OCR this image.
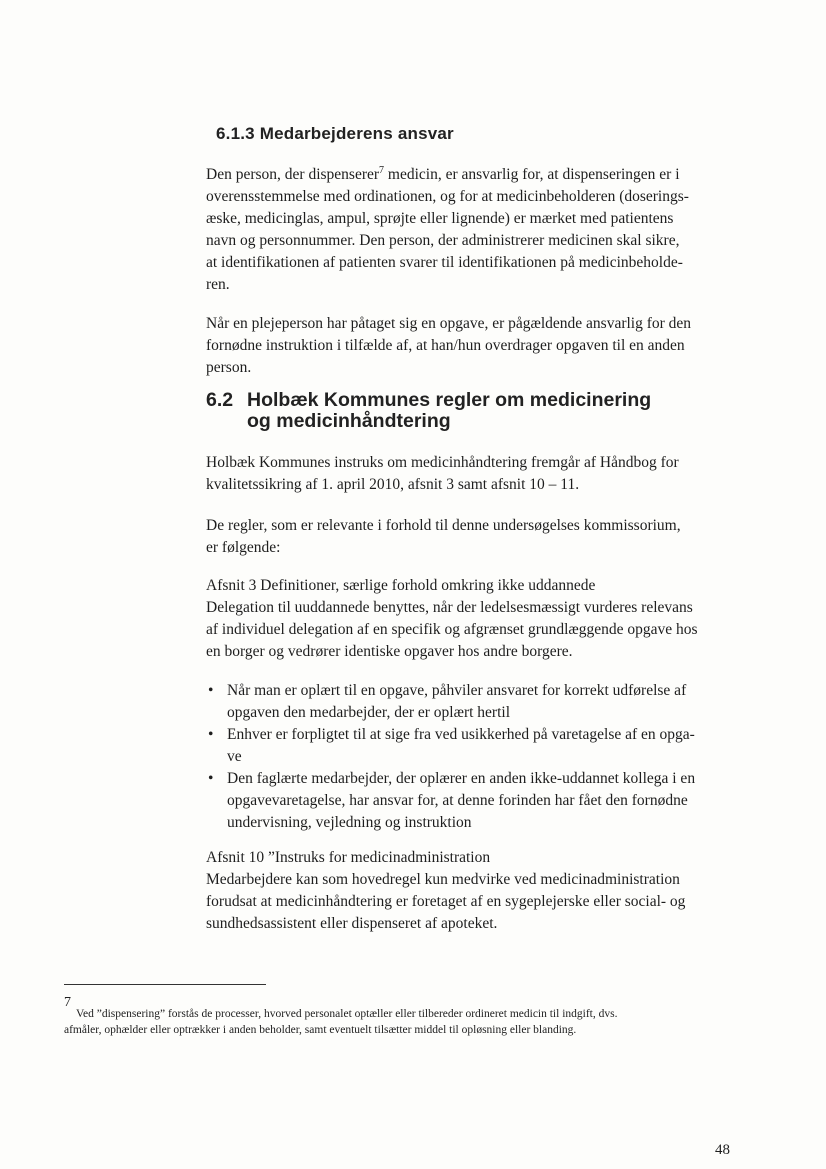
6.1.3 Medarbejderens ansvar

Den person, der dispenserer$^7$ medicin, er ansvarlig for, at dispenseringen er i
overensstemmelse med ordinationen, og for at medicinbeholderen (doserings-
æske, medicinglas, ampul, sprøjte eller lignende) er mærket med patientens
navn og personnummer. Den person, der administrerer medicinen skal sikre,
at identifikationen af patienten svarer til identifikationen på medicinbeholde-
ren.

Når en plejeperson har påtaget sig en opgave, er pågældende ansvarlig for den
fornødne instruktion i tilfælde af, at han/hun overdrager opgaven til en anden
person.

6.2 Holbæk Kommunes regler om medicinering
og medicinhåndtering

Holbæk Kommunes instruks om medicinhåndtering fremgår af Håndbog for
kvalitetssikring af 1. april 2010, afsnit 3 samt afsnit 10 – 11.

De regler, som er relevante i forhold til denne undersøgelses kommissorium,
er følgende:

Afsnit 3 Definitioner, særlige forhold omkring ikke uddannede
Delegation til uuddannede benyttes, når der ledelsesmæssigt vurderes relevans
af individuel delegation af en specifik og afgrænset grundlæggende opgave hos
en borger og vedrører identiske opgaver hos andre borgere.

• Når man er oplært til en opgave, påhviler ansvaret for korrekt udførelse af
opgaven den medarbejder, der er oplært hertil
• Enhver er forpligtet til at sige fra ved usikkerhed på varetagelse af en opga-
ve
• Den faglærte medarbejder, der oplærer en anden ikke-uddannet kollega i en
opgavevaretagelse, har ansvar for, at denne forinden har fået den fornødne
undervisning, vejledning og instruktion

Afsnit 10 ”Instruks for medicinadministration
Medarbejdere kan som hovedregel kun medvirke ved medicinadministration
forudsat at medicinhåndtering er foretaget af en sygeplejerske eller social- og
sundhedsassistent eller dispenseret af apoteket.

7

Ved ”dispensering” forstås de processer, hvorved personalet optæller eller tilbereder ordineret medicin til indgift, dvs.
afmåler, ophælder eller optrækker i anden beholder, samt eventuelt tilsætter middel til opløsning eller blanding.

48
